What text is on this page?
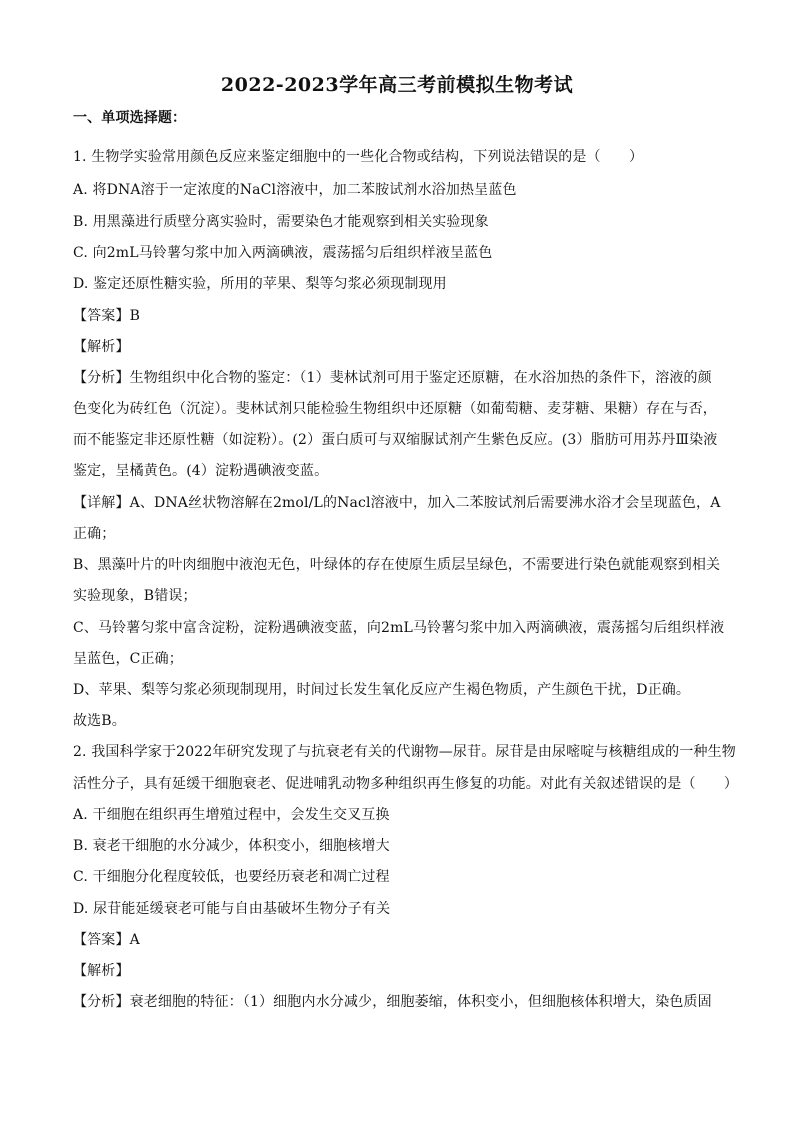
2022-2023学年高三考前模拟生物考试
一、单项选择题：
1. 生物学实验常用颜色反应来鉴定细胞中的一些化合物或结构，下列说法错误的是（　　）
A. 将DNA溶于一定浓度的NaCl溶液中，加二苯胺试剂水浴加热呈蓝色
B. 用黑藻进行质壁分离实验时，需要染色才能观察到相关实验现象
C. 向2mL马铃薯匀浆中加入两滴碘液，震荡摇匀后组织样液呈蓝色
D. 鉴定还原性糖实验，所用的苹果、梨等匀浆必须现制现用
【答案】B
【解析】
【分析】生物组织中化合物的鉴定：（1）斐林试剂可用于鉴定还原糖，在水浴加热的条件下，溶液的颜
色变化为砖红色（沉淀）。斐林试剂只能检验生物组织中还原糖（如葡萄糖、麦芽糖、果糖）存在与否，
而不能鉴定非还原性糖（如淀粉）。(2）蛋白质可与双缩脲试剂产生紫色反应。(3）脂肪可用苏丹Ⅲ染液
鉴定，呈橘黄色。(4）淀粉遇碘液变蓝。
【详解】A、DNA丝状物溶解在2mol/L的Nacl溶液中，加入二苯胺试剂后需要沸水浴才会呈现蓝色，A
正确；
B、黑藻叶片的叶肉细胞中液泡无色，叶绿体的存在使原生质层呈绿色，不需要进行染色就能观察到相关
实验现象，B错误；
C、马铃薯匀浆中富含淀粉，淀粉遇碘液变蓝，向2mL马铃薯匀浆中加入两滴碘液，震荡摇匀后组织样液
呈蓝色，C正确；
D、苹果、梨等匀浆必须现制现用，时间过长发生氧化反应产生褐色物质，产生颜色干扰，D正确。
故选B。
2. 我国科学家于2022年研究发现了与抗衰老有关的代谢物—尿苷。尿苷是由尿嘧啶与核糖组成的一种生物
活性分子，具有延缓干细胞衰老、促进哺乳动物多种组织再生修复的功能。对此有关叙述错误的是（　　）
A. 干细胞在组织再生增殖过程中，会发生交叉互换
B. 衰老干细胞的水分减少，体积变小，细胞核增大
C. 干细胞分化程度较低，也要经历衰老和凋亡过程
D. 尿苷能延缓衰老可能与自由基破坏生物分子有关
【答案】A
【解析】
【分析】衰老细胞的特征：（1）细胞内水分减少，细胞萎缩，体积变小，但细胞核体积增大，染色质固
